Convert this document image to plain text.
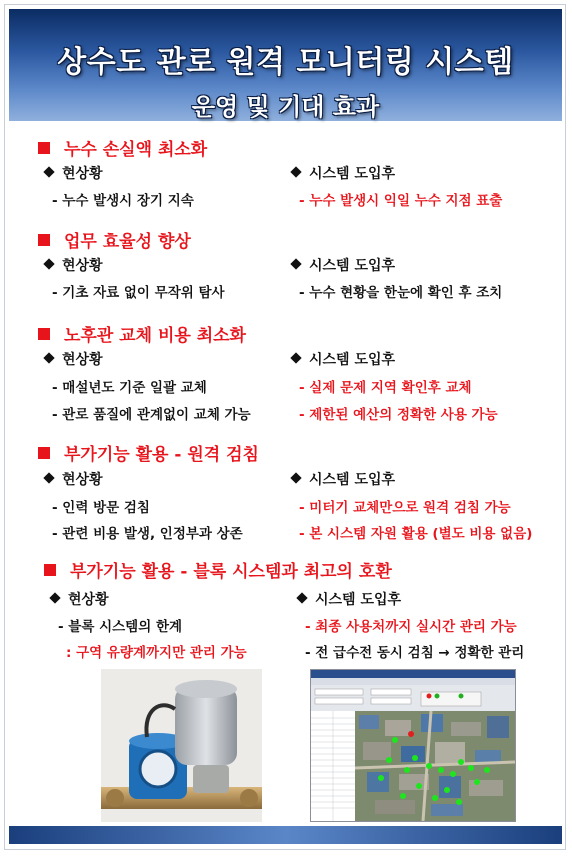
상수도 관로 원격 모니터링 시스템
운영 및 기대 효과
누수 손실액 최소화
현상황	시스템 도입후
- 누수 발생시 장기 지속	- 누수 발생시 익일 누수 지점 표출
업무 효율성 향상
현상황	시스템 도입후
- 기초 자료 없이 무작위 탐사	- 누수 현황을 한눈에 확인 후 조치
노후관 교체 비용 최소화
현상황	시스템 도입후
- 매설년도 기준 일괄 교체	- 실제 문제 지역 확인후 교체
- 관로 품질에 관계없이 교체 가능	- 제한된 예산의 정확한 사용 가능
부가기능 활용 - 원격 검침
현상황	시스템 도입후
- 인력 방문 검침	- 미터기 교체만으로 원격 검침 가능
- 관련 비용 발생, 인정부과 상존	- 본 시스템 자원 활용 (별도 비용 없음)
부가기능 활용 - 블록 시스템과 최고의 호환
현상황	시스템 도입후
- 블록 시스템의 한계	- 최종 사용처까지 실시간 관리 가능
: 구역 유량계까지만 관리 가능	- 전 급수전 동시 검침 → 정확한 관리
